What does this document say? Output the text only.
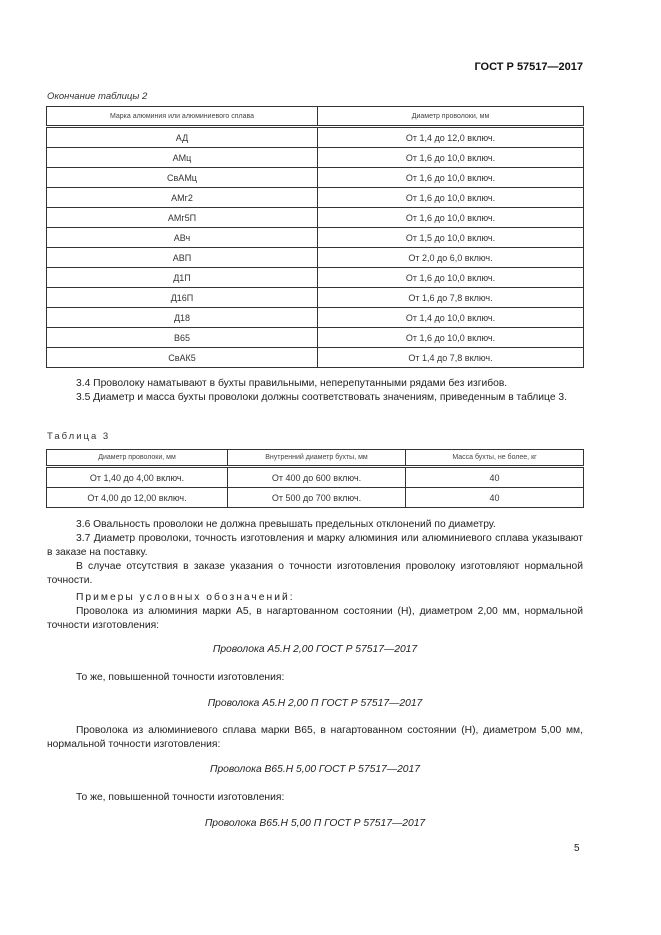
ГОСТ Р 57517—2017
Окончание таблицы 2
Марка алюминия или алюминиевого сплава	Диаметр проволоки, мм
АД	От 1,4 до 12,0 включ.
АМц	От 1,6 до 10,0 включ.
СвАМц	От 1,6 до 10,0 включ.
АМг2	От 1,6 до 10,0 включ.
АМг5П	От 1,6 до 10,0 включ.
АВч	От 1,5 до 10,0 включ.
АВП	От 2,0 до 6,0 включ.
Д1П	От 1,6 до 10,0 включ.
Д16П	От 1,6 до 7,8 включ.
Д18	От 1,4 до 10,0 включ.
В65	От 1,6 до 10,0 включ.
СвАК5	От 1,4 до 7,8 включ.
3.4 Проволоку наматывают в бухты правильными, неперепутанными рядами без изгибов.
3.5 Диаметр и масса бухты проволоки должны соответствовать значениям, приведенным в таблице 3.
Таблица 3
Диаметр проволоки, мм	Внутренний диаметр бухты, мм	Масса бухты, не более, кг
От 1,40 до 4,00 включ.	От 400 до 600 включ.	40
От 4,00 до 12,00 включ.	От 500 до 700 включ.	40
3.6 Овальность проволоки не должна превышать предельных отклонений по диаметру.
3.7 Диаметр проволоки, точность изготовления и марку алюминия или алюминиевого сплава указывают в заказе на поставку.
В случае отсутствия в заказе указания о точности изготовления проволоку изготовляют нормальной точности.
Примеры условных обозначений:
Проволока из алюминия марки А5, в нагартованном состоянии (Н), диаметром 2,00 мм, нормальной точности изготовления:
Проволока А5.Н 2,00 ГОСТ Р 57517—2017
То же, повышенной точности изготовления:
Проволока А5.Н 2,00 П ГОСТ Р 57517—2017
Проволока из алюминиевого сплава марки В65, в нагартованном состоянии (Н), диаметром 5,00 мм, нормальной точности изготовления:
Проволока В65.Н 5,00 ГОСТ Р 57517—2017
То же, повышенной точности изготовления:
Проволока В65.Н 5,00 П ГОСТ Р 57517—2017
5
